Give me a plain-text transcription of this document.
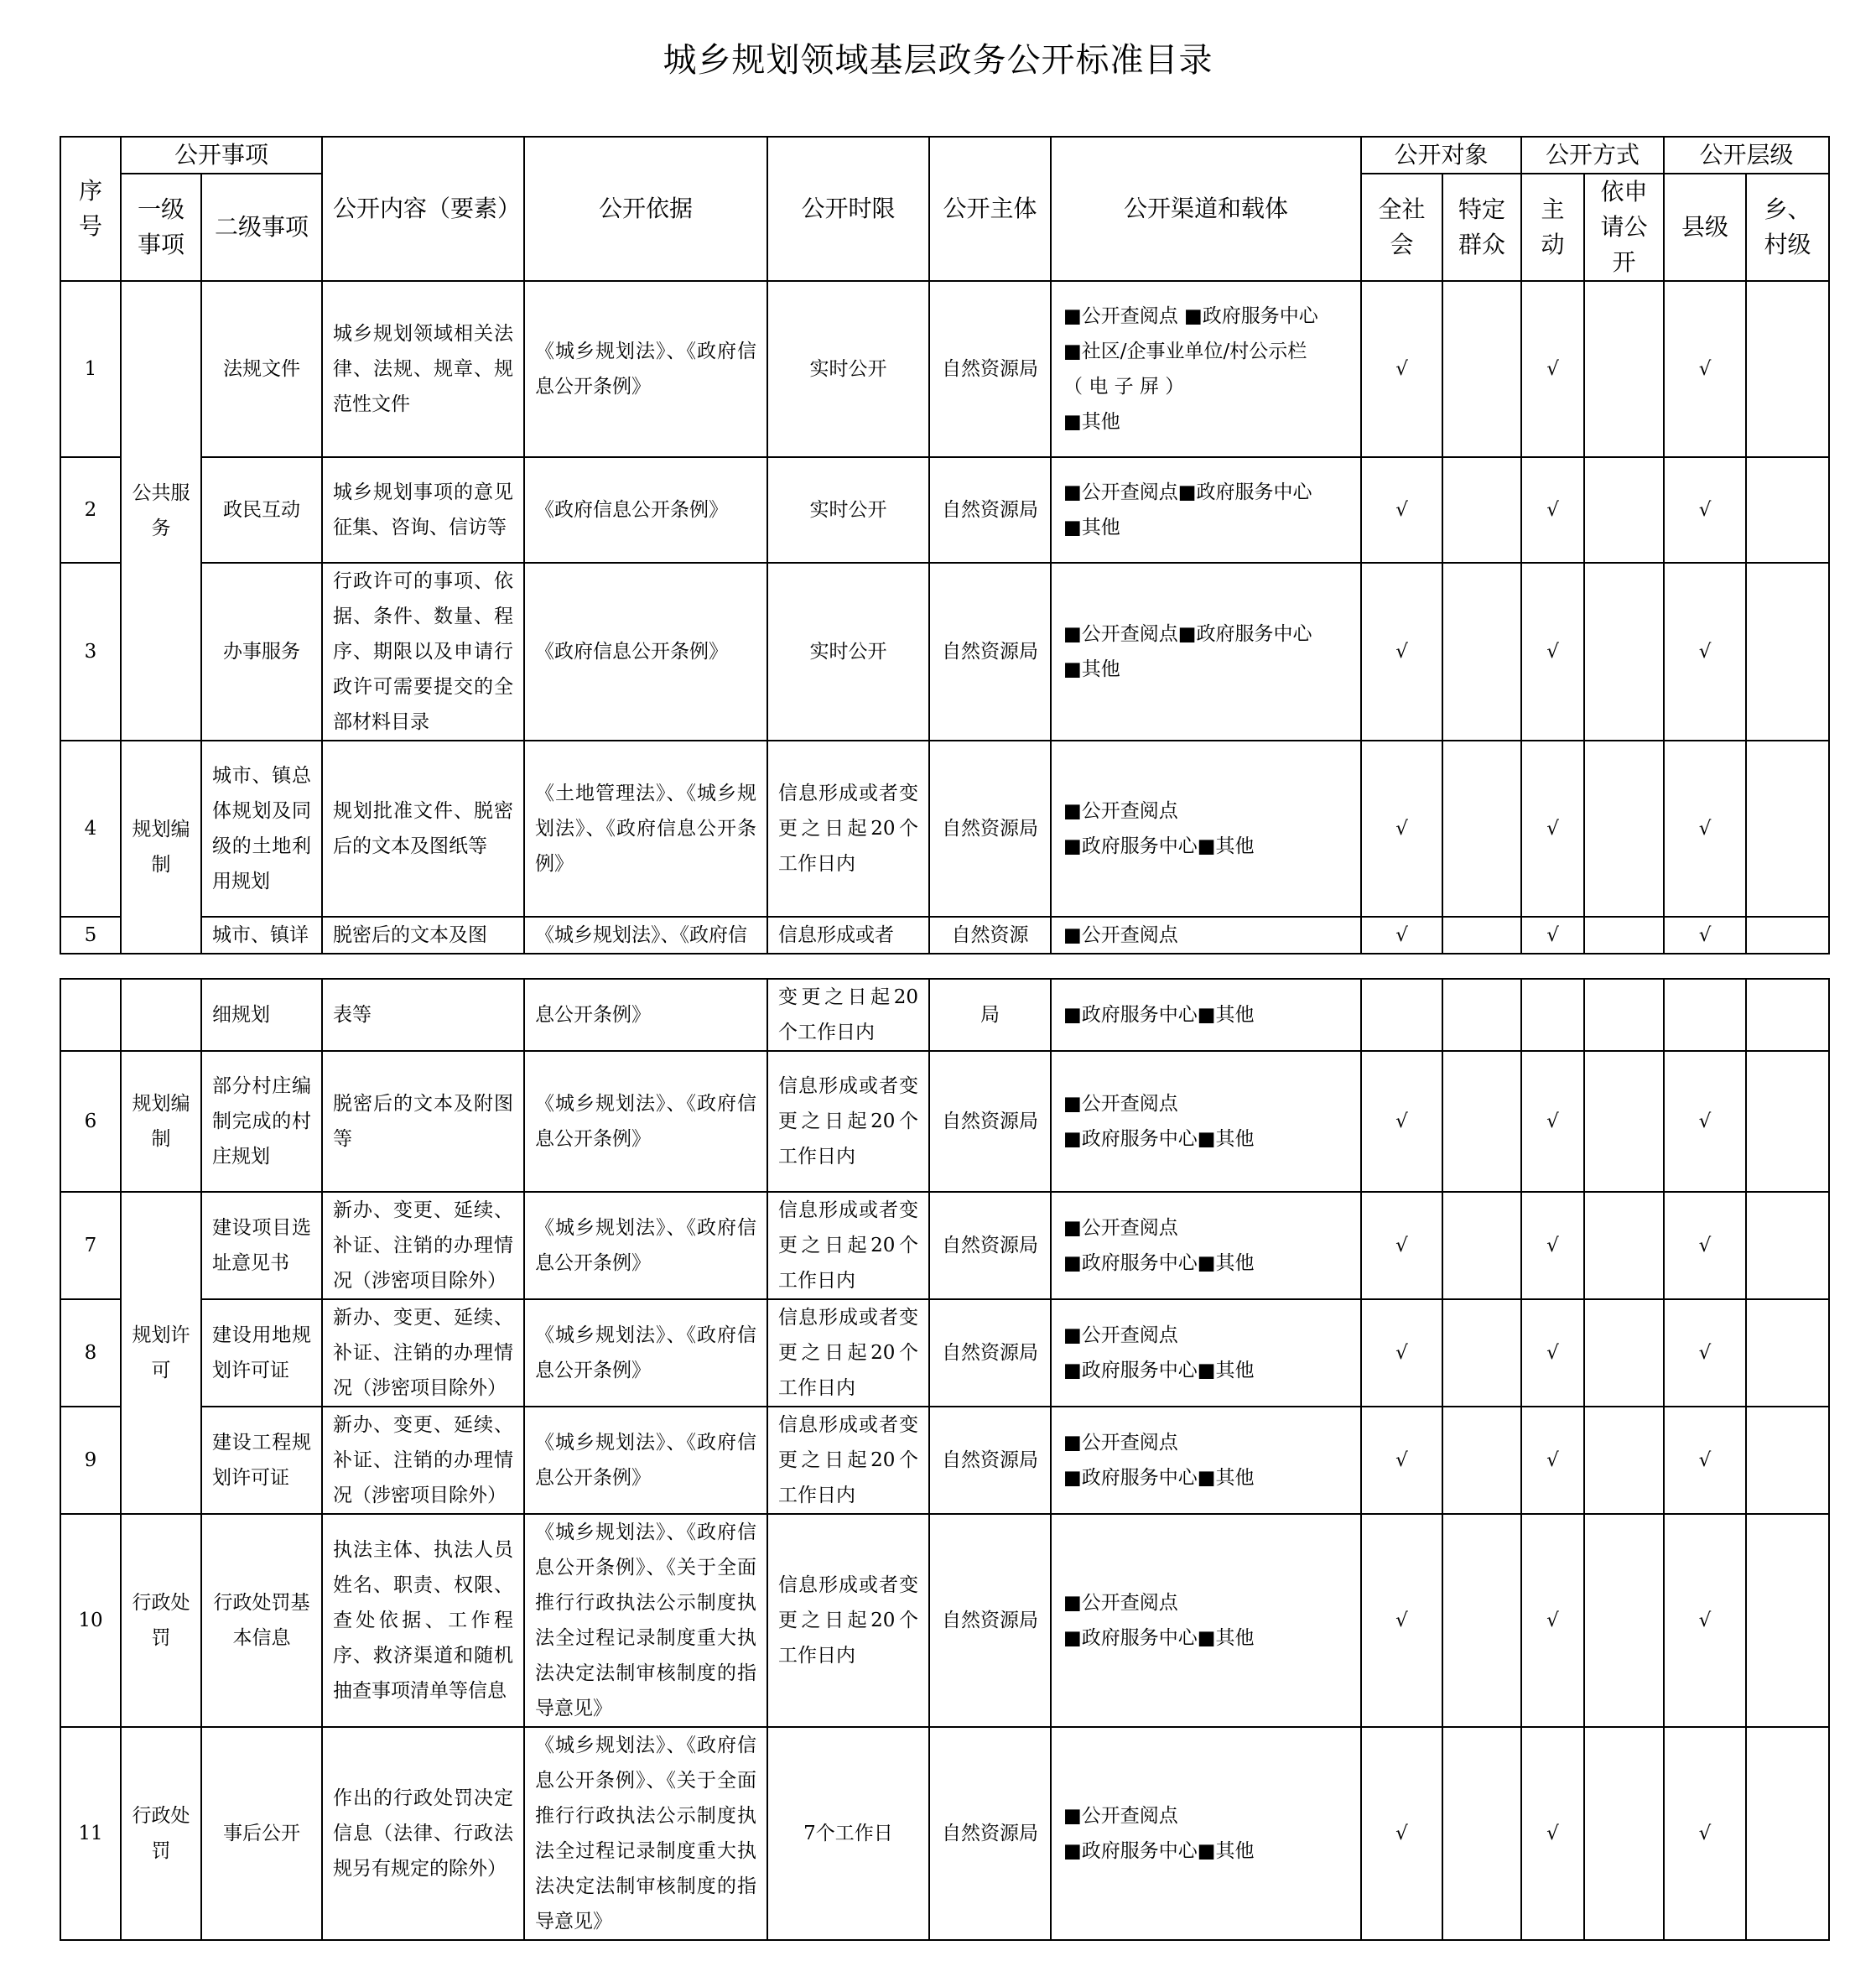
城乡规划领域基层政务公开标准目录
序号	公开事项		公开内容（要素）	公开依据	公开时限	公开主体	公开渠道和载体	公开对象		公开方式		公开层级	
	一级事项	二级事项						全社会	特定群众	主动	依申请公开	县级	乡、村级
1	公共服务	法规文件	城乡规划领域相关法律、法规、规章、规范性文件	《城乡规划法》、《政府信息公开条例》	实时公开	自然资源局	■公开查阅点 ■政府服务中心
■社区/企事业单位/村公示栏
（ 电 子 屏 ）
■其他	√		√		√	
2		政民互动	城乡规划事项的意见征集、咨询、信访等	《政府信息公开条例》	实时公开	自然资源局	■公开查阅点■政府服务中心
■其他	√		√		√	
3		办事服务	行政许可的事项、依据、条件、数量、程序、期限以及申请行政许可需要提交的全部材料目录	《政府信息公开条例》	实时公开	自然资源局	■公开查阅点■政府服务中心
■其他	√		√		√	
4	规划编制	城市、镇总体规划及同级的土地利用规划	规划批准文件、脱密后的文本及图纸等	《土地管理法》、《城乡规划法》、《政府信息公开条例》	信息形成或者变更之日起20个工作日内	自然资源局	■公开查阅点
■政府服务中心■其他	√		√		√	
5		城市、镇详	脱密后的文本及图	《城乡规划法》、《政府信	信息形成或者	自然资源	■公开查阅点	√		√		√	
		细规划	表等	息公开条例》	变更之日起20个工作日内	局	■政府服务中心■其他						

6	规划编制	部分村庄编制完成的村庄规划	脱密后的文本及附图等	《城乡规划法》、《政府信息公开条例》	信息形成或者变更之日起20个工作日内	自然资源局	■公开查阅点
■政府服务中心■其他	√		√		√	
7	规划许可	建设项目选址意见书	新办、变更、延续、补证、注销的办理情况（涉密项目除外）	《城乡规划法》、《政府信息公开条例》	信息形成或者变更之日起20个工作日内	自然资源局	■公开查阅点
■政府服务中心■其他	√		√		√	
8		建设用地规划许可证	新办、变更、延续、补证、注销的办理情况（涉密项目除外）	《城乡规划法》、《政府信息公开条例》	信息形成或者变更之日起20个工作日内	自然资源局	■公开查阅点
■政府服务中心■其他	√		√		√	
9		建设工程规划许可证	新办、变更、延续、补证、注销的办理情况（涉密项目除外）	《城乡规划法》、《政府信息公开条例》	信息形成或者变更之日起20个工作日内	自然资源局	■公开查阅点
■政府服务中心■其他	√		√		√	
10	行政处罚	行政处罚基本信息	执法主体、执法人员姓名、职责、权限、查处依据、工作程序、救济渠道和随机抽查事项清单等信息	《城乡规划法》、《政府信息公开条例》、《关于全面推行行政执法公示制度执法全过程记录制度重大执法决定法制审核制度的指导意见》	信息形成或者变更之日起20个工作日内	自然资源局	■公开查阅点
■政府服务中心■其他	√		√		√	
11	行政处罚	事后公开	作出的行政处罚决定信息（法律、行政法规另有规定的除外）	《城乡规划法》、《政府信息公开条例》、《关于全面推行行政执法公示制度执法全过程记录制度重大执法决定法制审核制度的指导意见》	7个工作日	自然资源局	■公开查阅点
■政府服务中心■其他	√		√		√	
